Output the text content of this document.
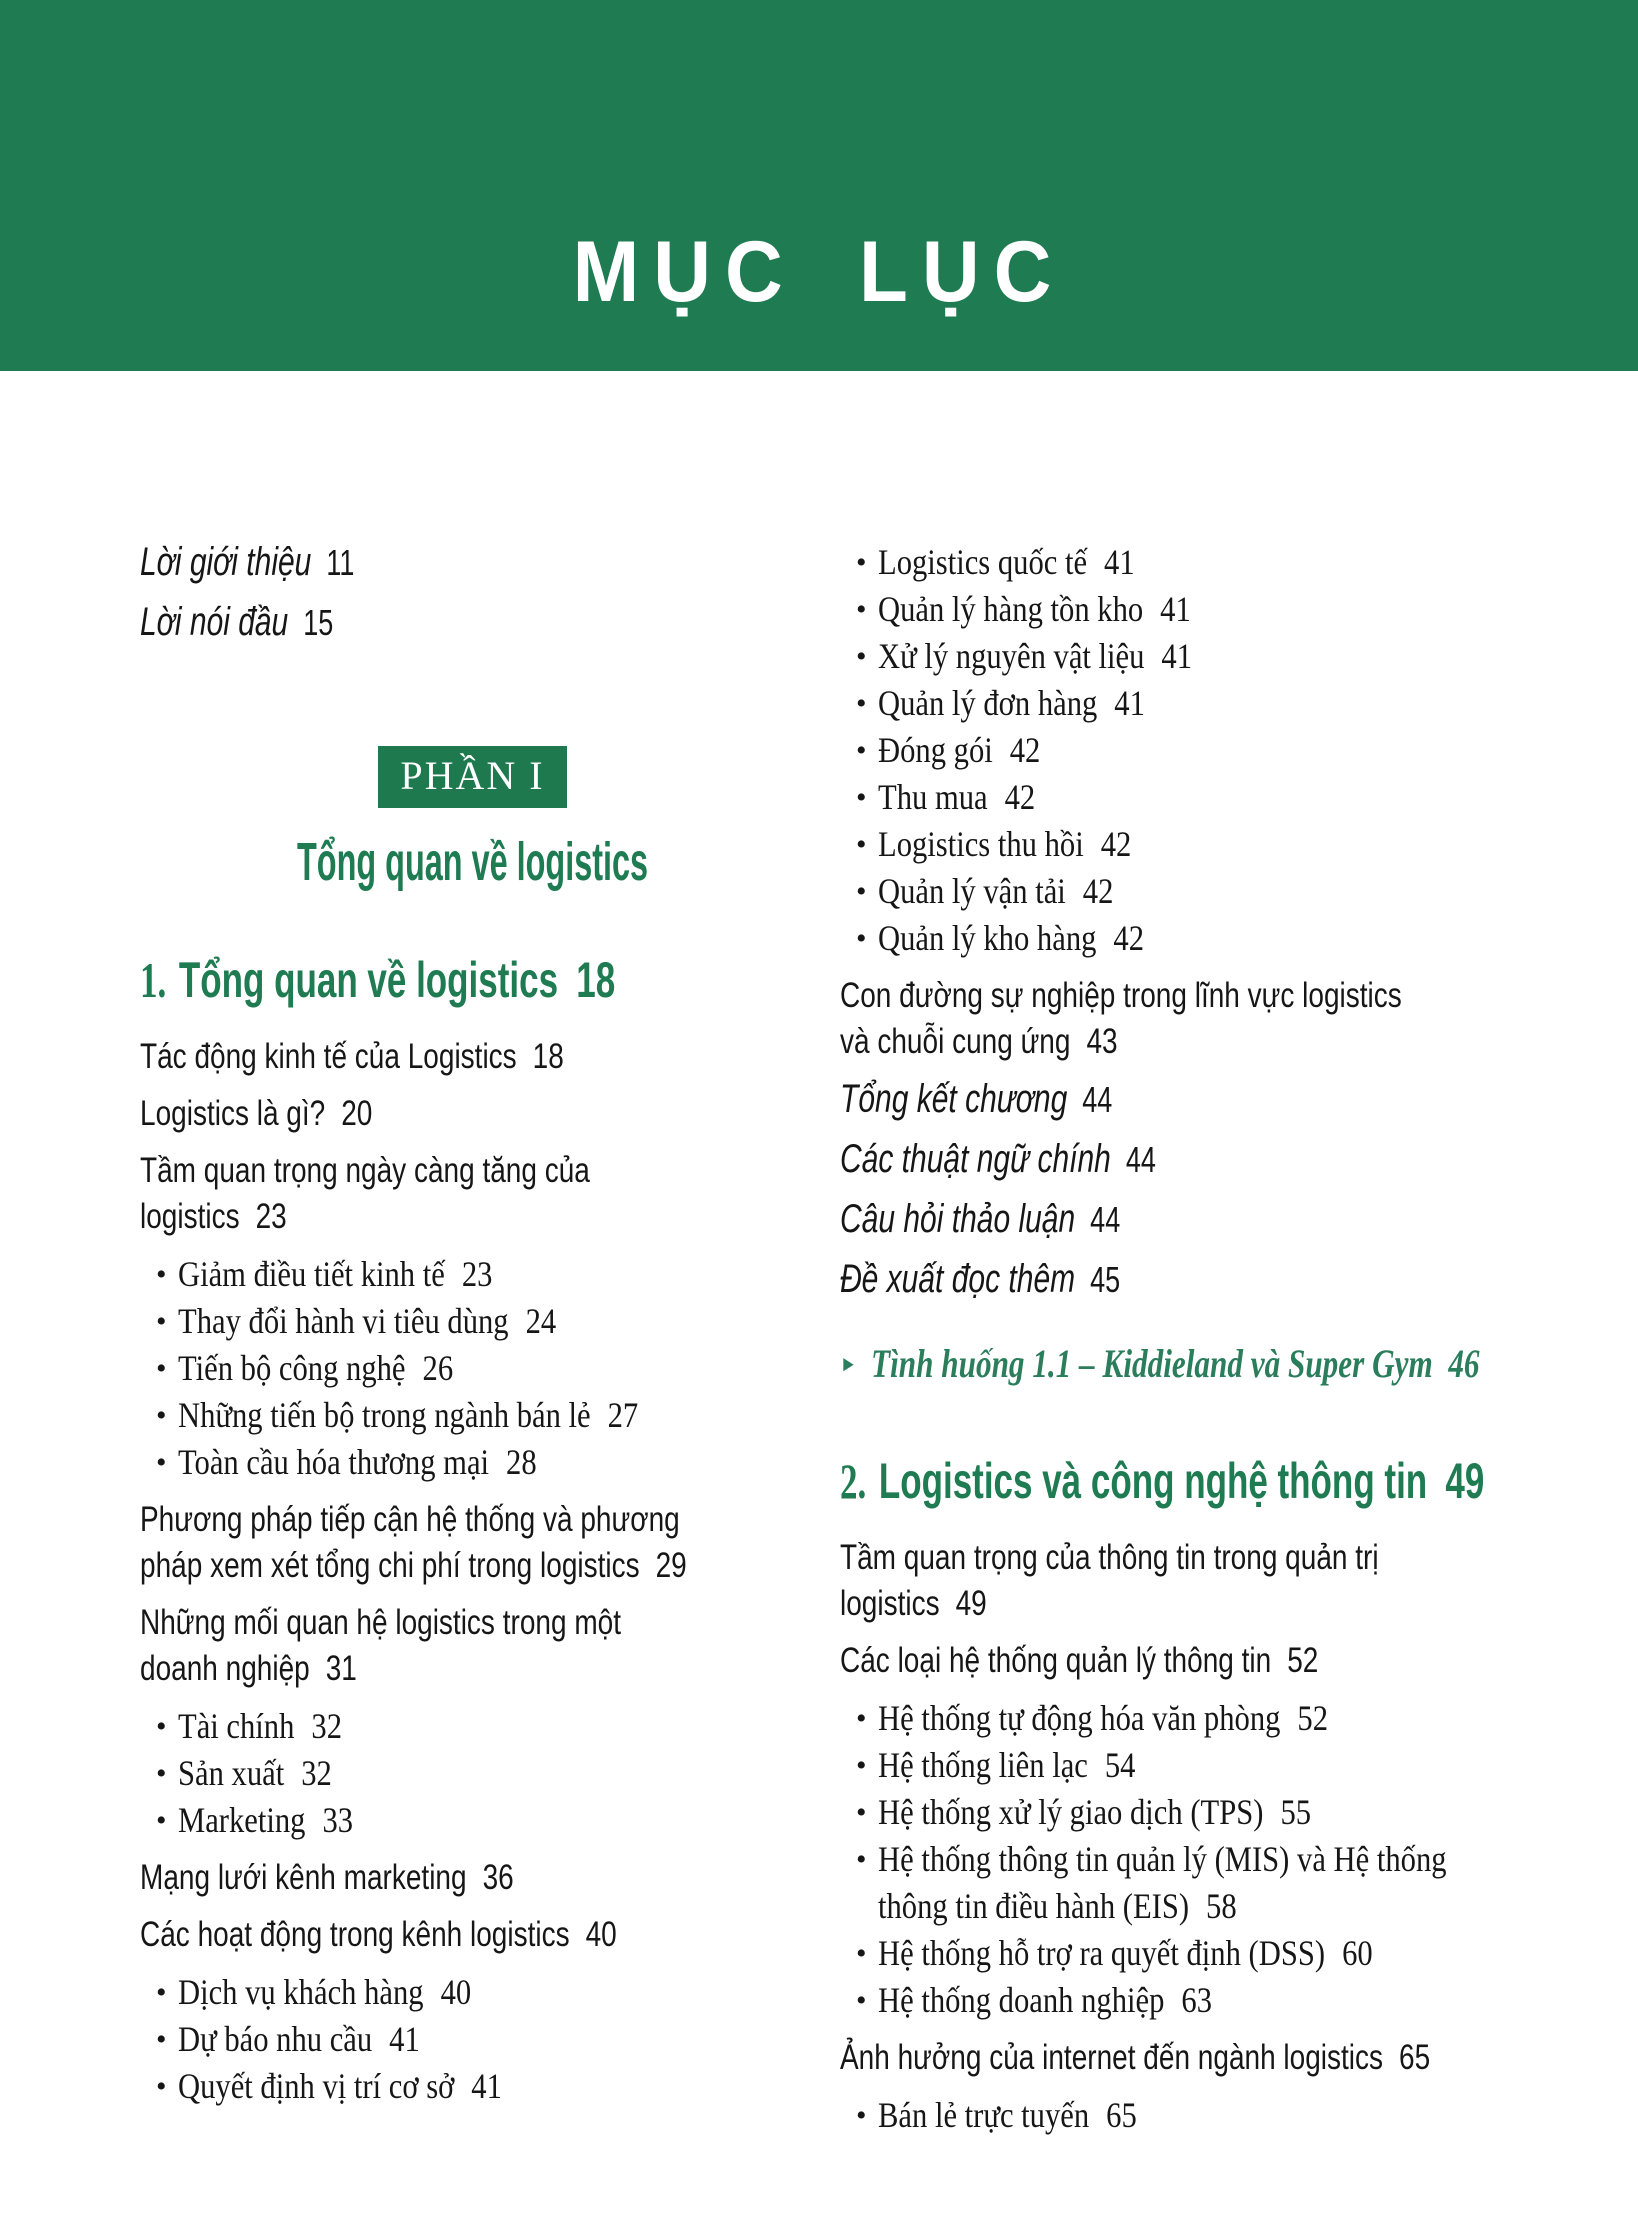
MỤC LỤC
Lời giới thiệu 11
Lời nói đầu 15
PHẦN I
Tổng quan về logistics
1. Tổng quan về logistics 18
Tác động kinh tế của Logistics 18
Logistics là gì? 20
Tầm quan trọng ngày càng tăng của
logistics 23
• Giảm điều tiết kinh tế 23
• Thay đổi hành vi tiêu dùng 24
• Tiến bộ công nghệ 26
• Những tiến bộ trong ngành bán lẻ 27
• Toàn cầu hóa thương mại 28
Phương pháp tiếp cận hệ thống và phương
pháp xem xét tổng chi phí trong logistics 29
Những mối quan hệ logistics trong một
doanh nghiệp 31
• Tài chính 32
• Sản xuất 32
• Marketing 33
Mạng lưới kênh marketing 36
Các hoạt động trong kênh logistics 40
• Dịch vụ khách hàng 40
• Dự báo nhu cầu 41
• Quyết định vị trí cơ sở 41
• Logistics quốc tế 41
• Quản lý hàng tồn kho 41
• Xử lý nguyên vật liệu 41
• Quản lý đơn hàng 41
• Đóng gói 42
• Thu mua 42
• Logistics thu hồi 42
• Quản lý vận tải 42
• Quản lý kho hàng 42
Con đường sự nghiệp trong lĩnh vực logistics
và chuỗi cung ứng 43
Tổng kết chương 44
Các thuật ngữ chính 44
Câu hỏi thảo luận 44
Đề xuất đọc thêm 45
► Tình huống 1.1 – Kiddieland và Super Gym 46
2. Logistics và công nghệ thông tin 49
Tầm quan trọng của thông tin trong quản trị
logistics 49
Các loại hệ thống quản lý thông tin 52
• Hệ thống tự động hóa văn phòng 52
• Hệ thống liên lạc 54
• Hệ thống xử lý giao dịch (TPS) 55
• Hệ thống thông tin quản lý (MIS) và Hệ thống
thông tin điều hành (EIS) 58
• Hệ thống hỗ trợ ra quyết định (DSS) 60
• Hệ thống doanh nghiệp 63
Ảnh hưởng của internet đến ngành logistics 65
• Bán lẻ trực tuyến 65
